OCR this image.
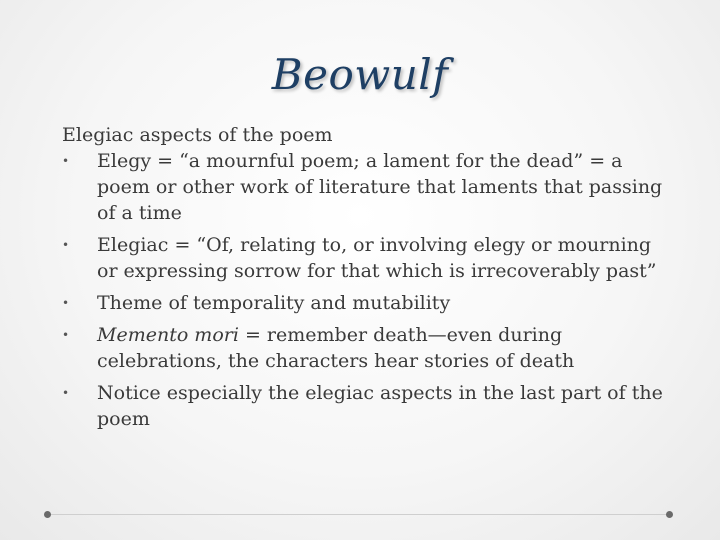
Beowulf

Elegiac aspects of the poem

• Elegy = “a mournful poem; a lament for the dead” = a poem or other work of literature that laments that passing of a time
• Elegiac = “Of, relating to, or involving elegy or mourning or expressing sorrow for that which is irrecoverably past”
• Theme of temporality and mutability
• Memento mori = remember death—even during celebrations, the characters hear stories of death
• Notice especially the elegiac aspects in the last part of the poem
